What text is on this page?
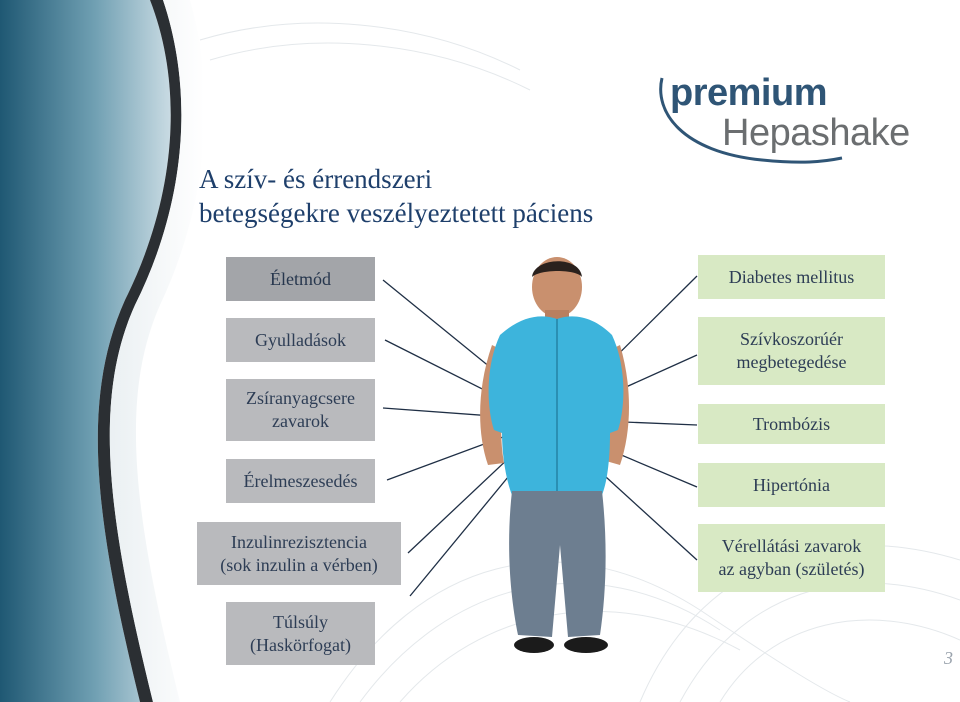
premium
Hepashake
A szív- és érrendszeri
betegségekre veszélyeztetett páciens
Életmód
Gyulladások
Zsíranyagcsere
zavarok
Érelmeszesedés
Inzulinrezisztencia
(sok inzulin a vérben)
Túlsúly
(Haskörfogat)
Diabetes mellitus
Szívkoszorúér
megbetegedése
Trombózis
Hipertónia
Vérellátási zavarok
az agyban (születés)
3
